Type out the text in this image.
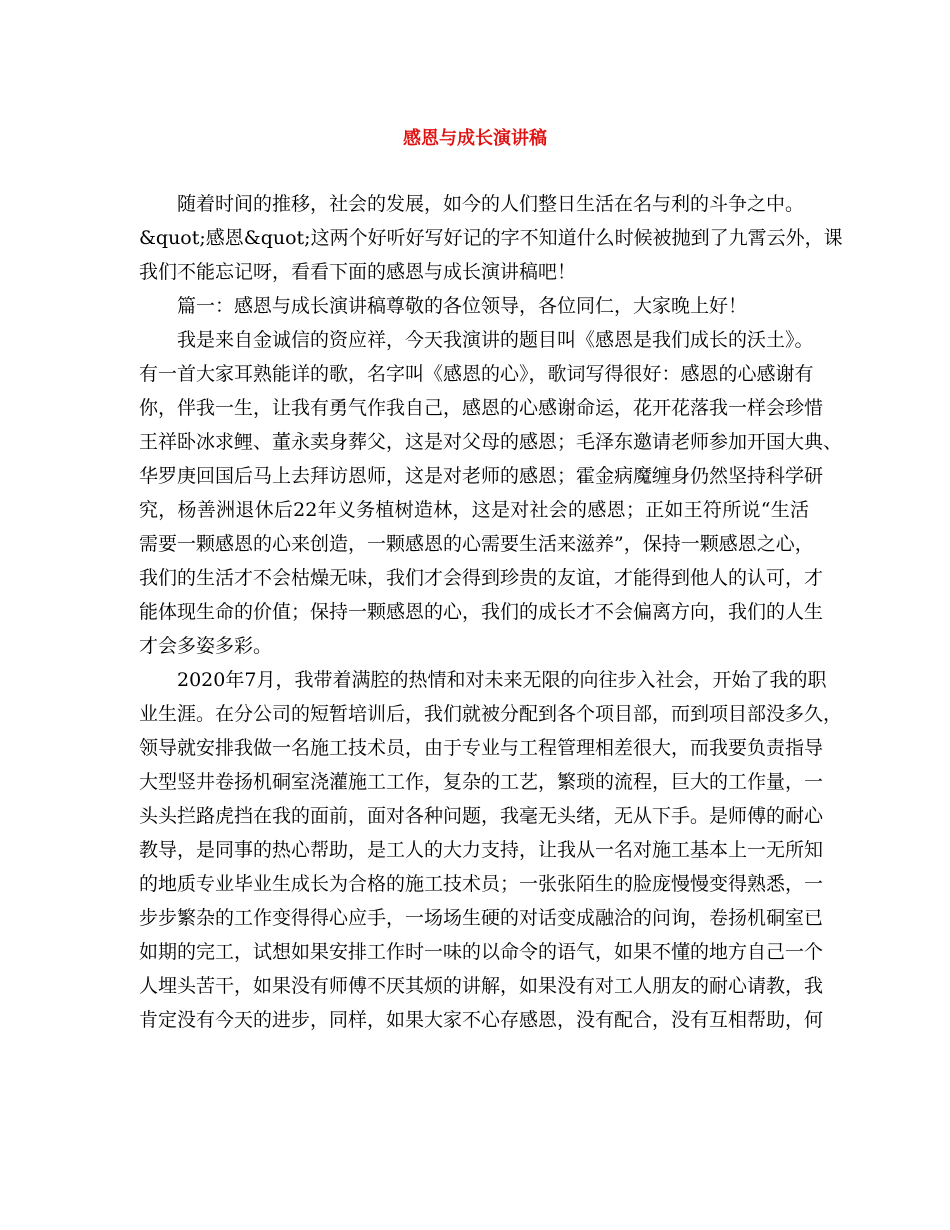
感恩与成长演讲稿
随着时间的推移，社会的发展，如今的人们整日生活在名与利的斗争之中。
&quot;感恩&quot;这两个好听好写好记的字不知道什么时候被抛到了九霄云外，课
我们不能忘记呀，看看下面的感恩与成长演讲稿吧！
篇一：感恩与成长演讲稿尊敬的各位领导，各位同仁，大家晚上好！
我是来自金诚信的资应祥，今天我演讲的题目叫《感恩是我们成长的沃土》。
有一首大家耳熟能详的歌，名字叫《感恩的心》，歌词写得很好：感恩的心感谢有
你，伴我一生，让我有勇气作我自己，感恩的心感谢命运，花开花落我一样会珍惜
王祥卧冰求鲤、董永卖身葬父，这是对父母的感恩；毛泽东邀请老师参加开国大典、
华罗庚回国后马上去拜访恩师，这是对老师的感恩；霍金病魔缠身仍然坚持科学研
究，杨善洲退休后22年义务植树造林，这是对社会的感恩；正如王符所说“生活
需要一颗感恩的心来创造，一颗感恩的心需要生活来滋养”，保持一颗感恩之心，
我们的生活才不会枯燥无味，我们才会得到珍贵的友谊，才能得到他人的认可，才
能体现生命的价值；保持一颗感恩的心，我们的成长才不会偏离方向，我们的人生
才会多姿多彩。
2020年7月，我带着满腔的热情和对未来无限的向往步入社会，开始了我的职
业生涯。在分公司的短暂培训后，我们就被分配到各个项目部，而到项目部没多久，
领导就安排我做一名施工技术员，由于专业与工程管理相差很大，而我要负责指导
大型竖井卷扬机硐室浇灌施工工作，复杂的工艺，繁琐的流程，巨大的工作量，一
头头拦路虎挡在我的面前，面对各种问题，我毫无头绪，无从下手。是师傅的耐心
教导，是同事的热心帮助，是工人的大力支持，让我从一名对施工基本上一无所知
的地质专业毕业生成长为合格的施工技术员；一张张陌生的脸庞慢慢变得熟悉，一
步步繁杂的工作变得得心应手，一场场生硬的对话变成融洽的问询，卷扬机硐室已
如期的完工，试想如果安排工作时一味的以命令的语气，如果不懂的地方自己一个
人埋头苦干，如果没有师傅不厌其烦的讲解，如果没有对工人朋友的耐心请教，我
肯定没有今天的进步，同样，如果大家不心存感恩，没有配合，没有互相帮助，何
